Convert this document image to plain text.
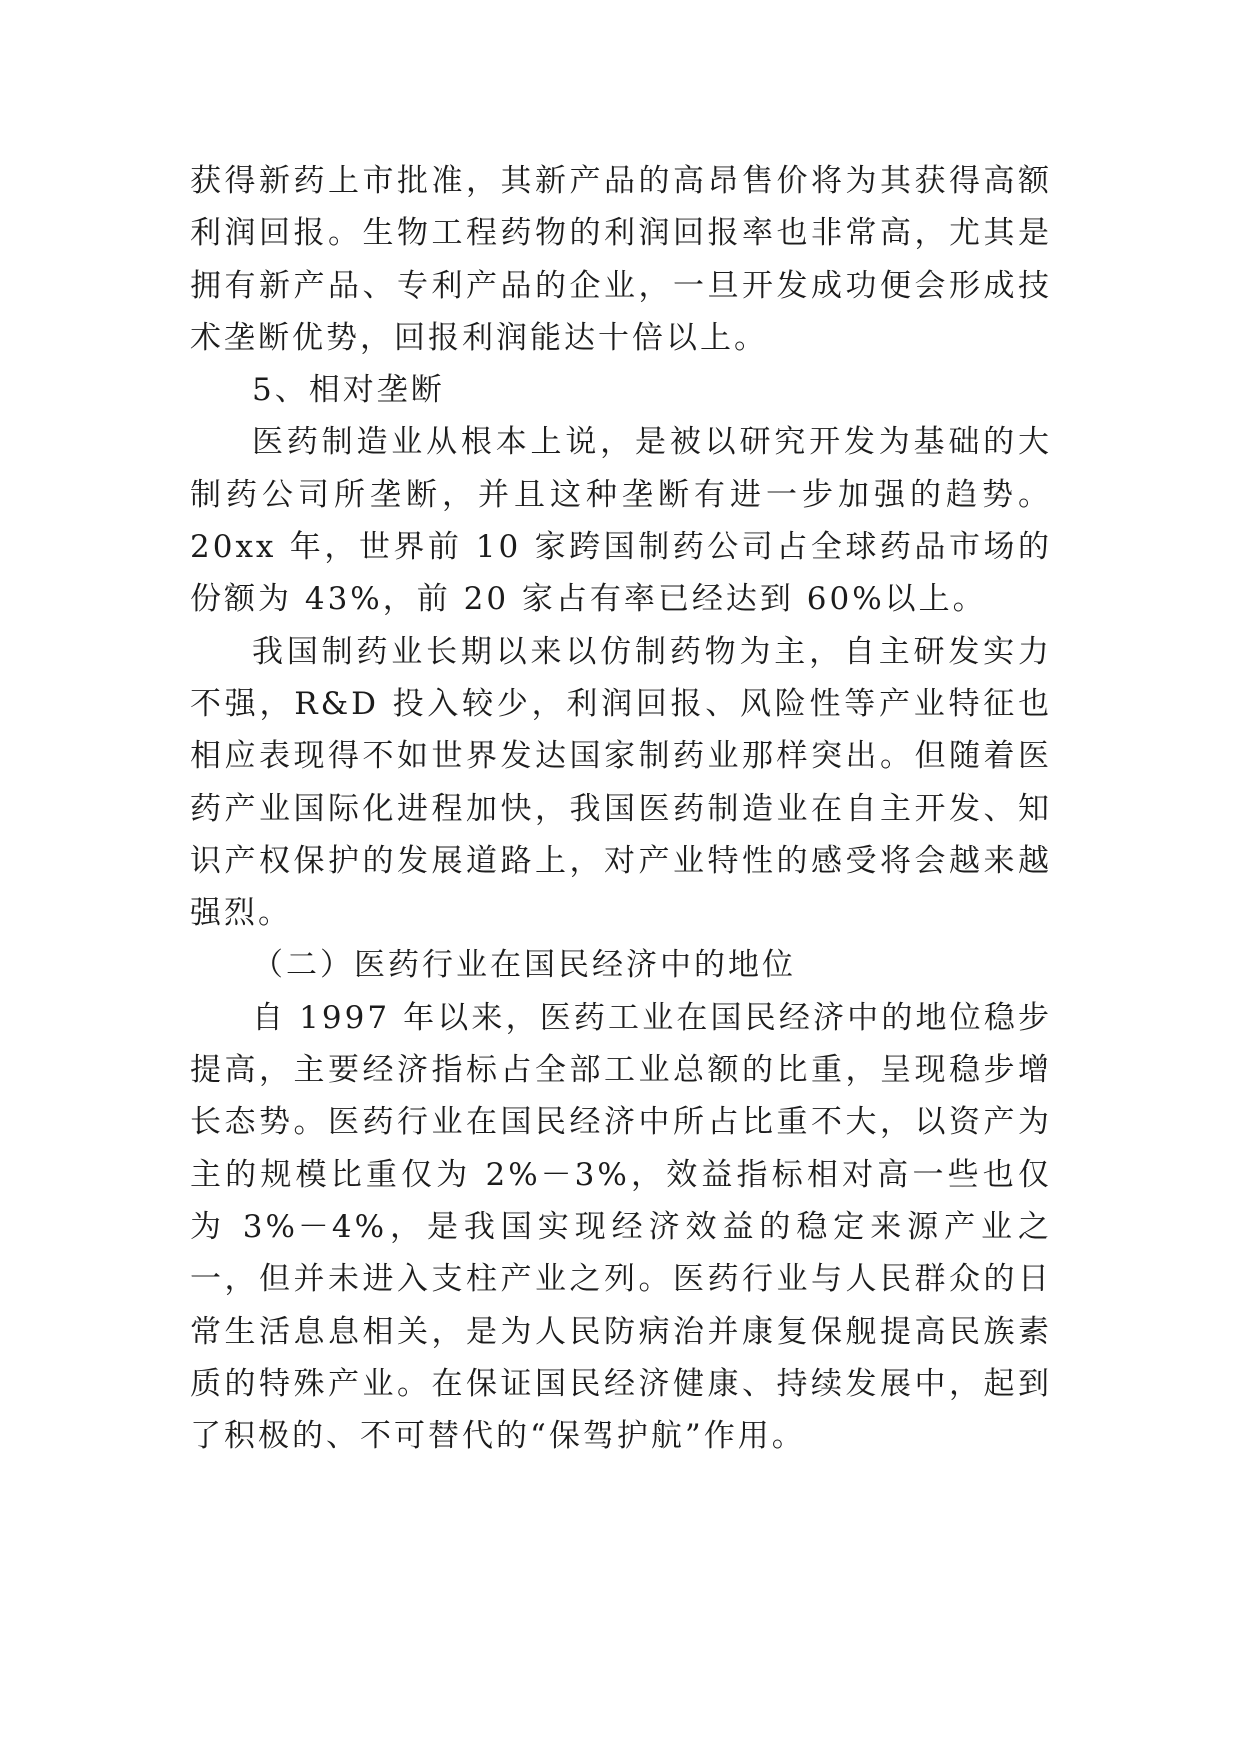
获得新药上市批准，其新产品的高昂售价将为其获得高额利润回报。生物工程药物的利润回报率也非常高，尤其是拥有新产品、专利产品的企业，一旦开发成功便会形成技术垄断优势，回报利润能达十倍以上。

5、相对垄断

医药制造业从根本上说，是被以研究开发为基础的大制药公司所垄断，并且这种垄断有进一步加强的趋势。20xx 年，世界前 10 家跨国制药公司占全球药品市场的份额为 43%，前 20 家占有率已经达到 60%以上。

我国制药业长期以来以仿制药物为主，自主研发实力不强，R&D 投入较少，利润回报、风险性等产业特征也相应表现得不如世界发达国家制药业那样突出。但随着医药产业国际化进程加快，我国医药制造业在自主开发、知识产权保护的发展道路上，对产业特性的感受将会越来越强烈。

（二）医药行业在国民经济中的地位

自 1997 年以来，医药工业在国民经济中的地位稳步提高，主要经济指标占全部工业总额的比重，呈现稳步增长态势。医药行业在国民经济中所占比重不大，以资产为主的规模比重仅为 2%－3%，效益指标相对高一些也仅为 3%－4%，是我国实现经济效益的稳定来源产业之一，但并未进入支柱产业之列。医药行业与人民群众的日常生活息息相关，是为人民防病治并康复保舰提高民族素质的特殊产业。在保证国民经济健康、持续发展中，起到了积极的、不可替代的“保驾护航”作用。
